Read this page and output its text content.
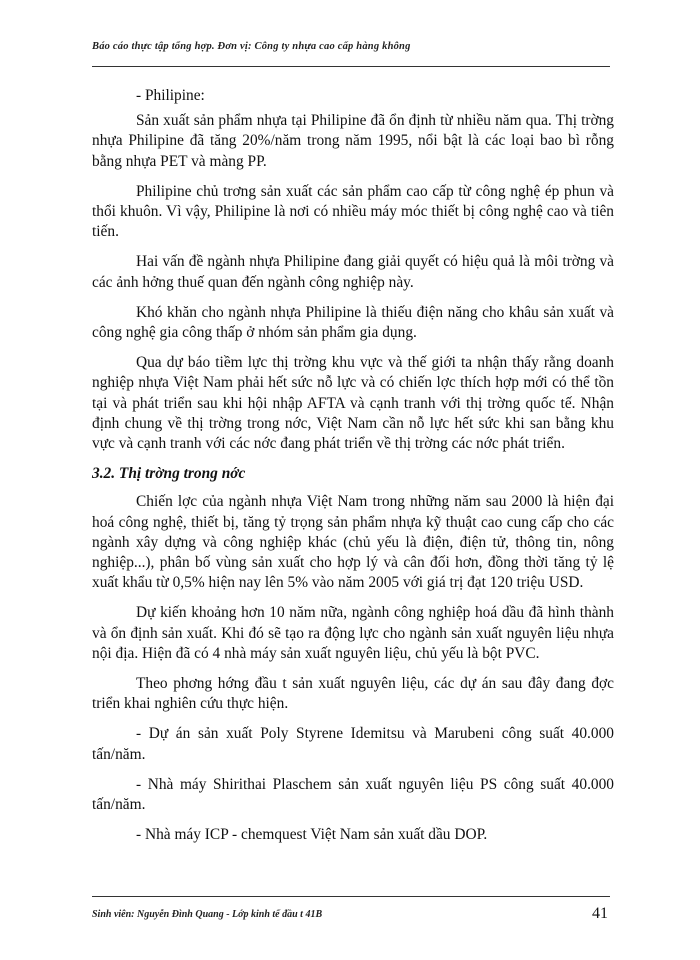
Báo cáo thực tập tổng hợp. Đơn vị: Công ty nhựa cao cấp hàng không

- Philipine:

Sản xuất sản phẩm nhựa tại Philipine đã ổn định từ nhiều năm qua. Thị trờng nhựa Philipine đã tăng 20%/năm trong năm 1995, nổi bật là các loại bao bì rỗng bằng nhựa PET và màng PP.

Philipine chủ trơng sản xuất các sản phẩm cao cấp từ công nghệ ép phun và thổi khuôn. Vì vậy, Philipine là nơi có nhiều máy móc thiết bị công nghệ cao và tiên tiến.

Hai vấn đề ngành nhựa Philipine đang giải quyết có hiệu quả là môi trờng và các ảnh hởng thuế quan đến ngành công nghiệp này.

Khó khăn cho ngành nhựa Philipine là thiếu điện năng cho khâu sản xuất và công nghệ gia công thấp ở nhóm sản phẩm gia dụng.

Qua dự báo tiềm lực thị trờng khu vực và thế giới ta nhận thấy rằng doanh nghiệp nhựa Việt Nam phải hết sức nỗ lực và có chiến lợc thích hợp mới có thể tồn tại và phát triển sau khi hội nhập AFTA và cạnh tranh với thị trờng quốc tế. Nhận định chung về thị trờng trong nớc, Việt Nam cần nỗ lực hết sức khi san bằng khu vực và cạnh tranh với các nớc đang phát triển về thị trờng các nớc phát triển.

3.2. Thị trờng trong nớc

Chiến lợc của ngành nhựa Việt Nam trong những năm sau 2000 là hiện đại hoá công nghệ, thiết bị, tăng tỷ trọng sản phẩm nhựa kỹ thuật cao cung cấp cho các ngành xây dựng và công nghiệp khác (chủ yếu là điện, điện tử, thông tin, nông nghiệp...), phân bố vùng sản xuất cho hợp lý và cân đối hơn, đồng thời tăng tỷ lệ xuất khẩu từ 0,5% hiện nay lên 5% vào năm 2005 với giá trị đạt 120 triệu USD.

Dự kiến khoảng hơn 10 năm nữa, ngành công nghiệp hoá dầu đã hình thành và ổn định sản xuất. Khi đó sẽ tạo ra động lực cho ngành sản xuất nguyên liệu nhựa nội địa. Hiện đã có 4 nhà máy sản xuất nguyên liệu, chủ yếu là bột PVC.

Theo phơng hớng đầu t sản xuất nguyên liệu, các dự án sau đây đang đợc triển khai nghiên cứu thực hiện.

- Dự án sản xuất Poly Styrene Idemitsu và Marubeni công suất 40.000 tấn/năm.

- Nhà máy Shirithai Plaschem sản xuất nguyên liệu PS công suất 40.000 tấn/năm.

- Nhà máy ICP - chemquest Việt Nam sản xuất dầu DOP.

Sinh viên: Nguyễn Đình Quang - Lớp kinh tế đầu t 41B	41
